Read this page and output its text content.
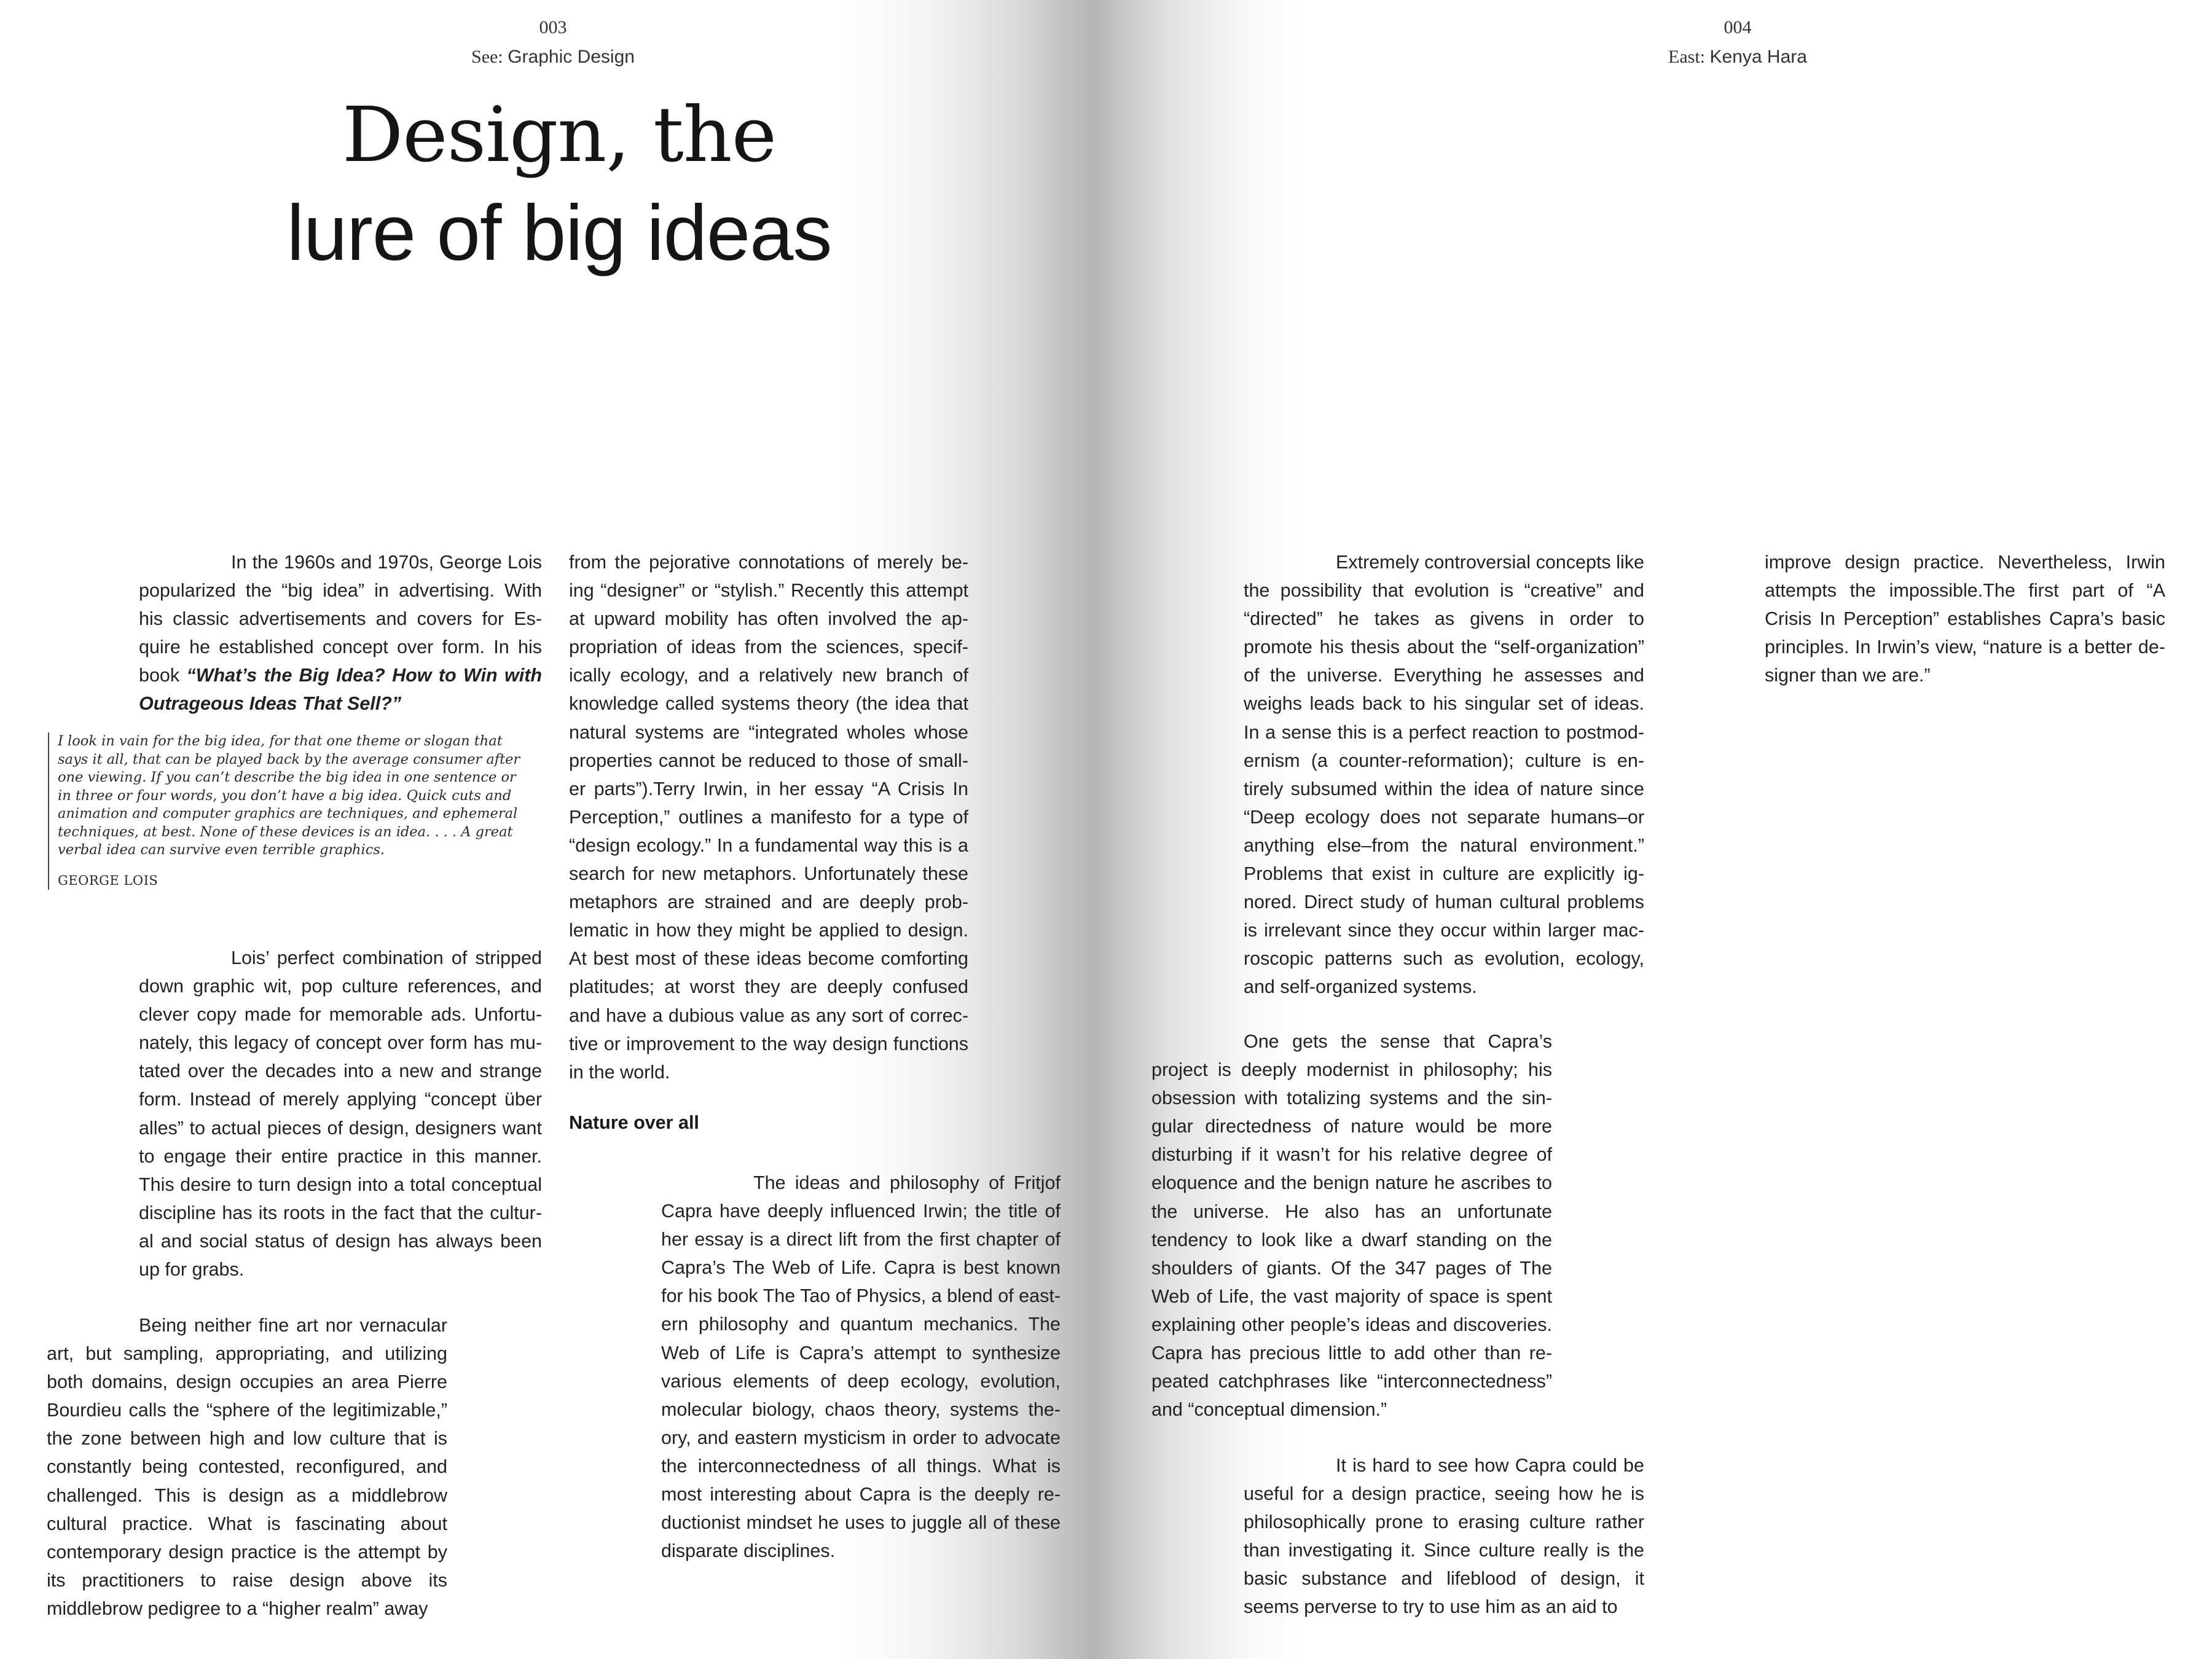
003
See: Graphic Design
Design, the
lure of big ideas

In the 1960s and 1970s, George Lois popularized the “big idea” in advertising. With his classic advertisements and covers for Esquire he established concept over form. In his book “What’s the Big Idea? How to Win with Outrageous Ideas That Sell?”

I look in vain for the big idea, for that one theme or slogan that says it all, that can be played back by the average consumer after one viewing. If you can’t describe the big idea in one sentence or in three or four words, you don’t have a big idea. Quick cuts and animation and computer graphics are techniques, and ephemeral techniques, at best. None of these devices is an idea. . . . A great verbal idea can survive even terrible graphics.
GEORGE LOIS

Lois’ perfect combination of stripped down graphic wit, pop culture references, and clever copy made for memorable ads. Unfortunately, this legacy of concept over form has mutated over the decades into a new and strange form. Instead of merely applying “concept über alles” to actual pieces of design, designers want to engage their entire practice in this manner. This desire to turn design into a total conceptual discipline has its roots in the fact that the cultural and social status of design has always been up for grabs.

Being neither fine art nor vernacular art, but sampling, appropriating, and utilizing both domains, design occupies an area Pierre Bourdieu calls the “sphere of the legitimizable,” the zone between high and low culture that is constantly being contested, reconfigured, and challenged. This is design as a middlebrow cultural practice. What is fascinating about contemporary design practice is the attempt by its practitioners to raise design above its middlebrow pedigree to a “higher realm” away

from the pejorative connotations of merely being “designer” or “stylish.” Recently this attempt at upward mobility has often involved the appropriation of ideas from the sciences, specifically ecology, and a relatively new branch of knowledge called systems theory (the idea that natural systems are “integrated wholes whose properties cannot be reduced to those of smaller parts”).Terry Irwin, in her essay “A Crisis In Perception,” outlines a manifesto for a type of “design ecology.” In a fundamental way this is a search for new metaphors. Unfortunately these metaphors are strained and are deeply problematic in how they might be applied to design. At best most of these ideas become comforting platitudes; at worst they are deeply confused and have a dubious value as any sort of corrective or improvement to the way design functions in the world.

Nature over all

The ideas and philosophy of Fritjof Capra have deeply influenced Irwin; the title of her essay is a direct lift from the first chapter of Capra’s The Web of Life. Capra is best known for his book The Tao of Physics, a blend of eastern philosophy and quantum mechanics. The Web of Life is Capra’s attempt to synthesize various elements of deep ecology, evolution, molecular biology, chaos theory, systems theory, and eastern mysticism in order to advocate the interconnectedness of all things. What is most interesting about Capra is the deeply reductionist mindset he uses to juggle all of these disparate disciplines.

004
East: Kenya Hara

Extremely controversial concepts like the possibility that evolution is “creative” and “directed” he takes as givens in order to promote his thesis about the “self-organization” of the universe. Everything he assesses and weighs leads back to his singular set of ideas. In a sense this is a perfect reaction to postmodernism (a counter-reformation); culture is entirely subsumed within the idea of nature since “Deep ecology does not separate humans–or anything else–from the natural environment.” Problems that exist in culture are explicitly ignored. Direct study of human cultural problems is irrelevant since they occur within larger macroscopic patterns such as evolution, ecology, and self-organized systems.

One gets the sense that Capra’s project is deeply modernist in philosophy; his obsession with totalizing systems and the singular directedness of nature would be more disturbing if it wasn’t for his relative degree of eloquence and the benign nature he ascribes to the universe. He also has an unfortunate tendency to look like a dwarf standing on the shoulders of giants. Of the 347 pages of The Web of Life, the vast majority of space is spent explaining other people’s ideas and discoveries. Capra has precious little to add other than repeated catchphrases like “interconnectedness” and “conceptual dimension.”

It is hard to see how Capra could be useful for a design practice, seeing how he is philosophically prone to erasing culture rather than investigating it. Since culture really is the basic substance and lifeblood of design, it seems perverse to try to use him as an aid to

improve design practice. Nevertheless, Irwin attempts the impossible.The first part of “A Crisis In Perception” establishes Capra’s basic principles. In Irwin’s view, “nature is a better designer than we are.”
